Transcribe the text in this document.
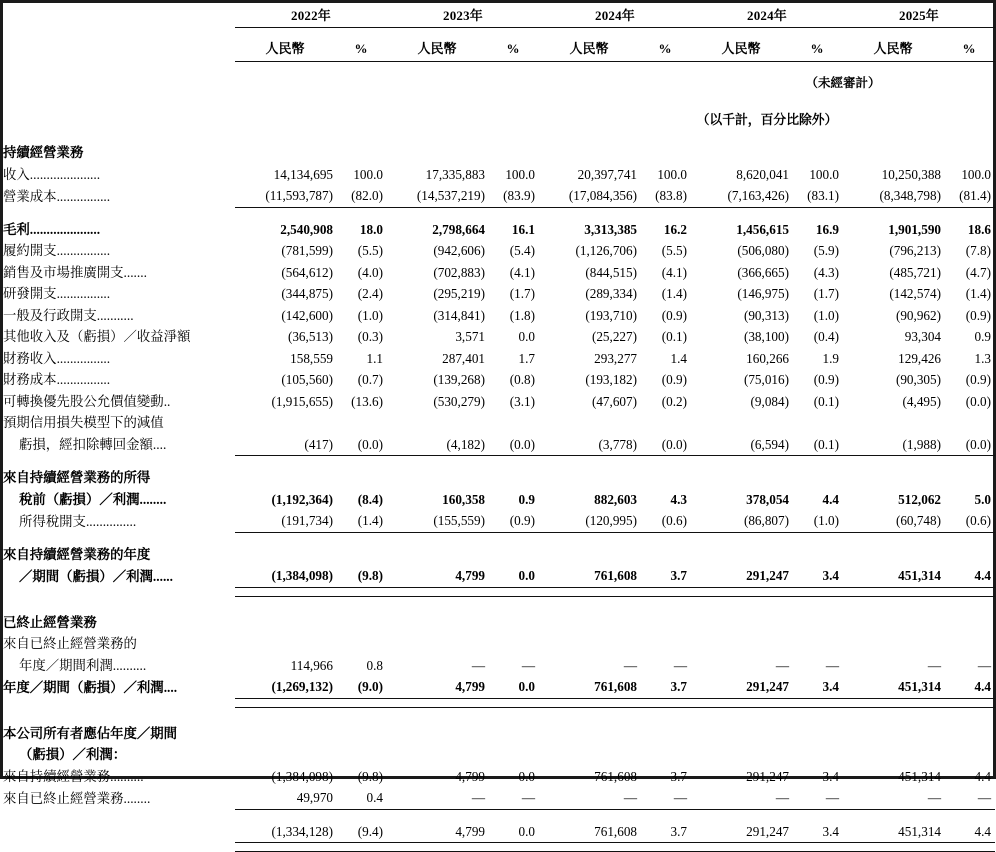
	2022年		2023年		2024年		2024年		2025年	

	人民幣	%	人民幣	%	人民幣	%	人民幣	%	人民幣	%

							（未經審計）			
					（以千計，百分比除外）					
持續經營業務										
收入.....................	14,134,695	100.0	17,335,883	100.0	20,397,741	100.0	8,620,041	100.0	10,250,388	100.0
營業成本................	(11,593,787)	(82.0)	(14,537,219)	(83.9)	(17,084,356)	(83.8)	(7,163,426)	(83.1)	(8,348,798)	(81.4)

毛利.....................	2,540,908	18.0	2,798,664	16.1	3,313,385	16.2	1,456,615	16.9	1,901,590	18.6
履約開支................	(781,599)	(5.5)	(942,606)	(5.4)	(1,126,706)	(5.5)	(506,080)	(5.9)	(796,213)	(7.8)
銷售及市場推廣開支.......	(564,612)	(4.0)	(702,883)	(4.1)	(844,515)	(4.1)	(366,665)	(4.3)	(485,721)	(4.7)
研發開支................	(344,875)	(2.4)	(295,219)	(1.7)	(289,334)	(1.4)	(146,975)	(1.7)	(142,574)	(1.4)
一般及行政開支...........	(142,600)	(1.0)	(314,841)	(1.8)	(193,710)	(0.9)	(90,313)	(1.0)	(90,962)	(0.9)
其他收入及（虧損）／收益淨額	(36,513)	(0.3)	3,571	0.0	(25,227)	(0.1)	(38,100)	(0.4)	93,304	0.9
財務收入................	158,559	1.1	287,401	1.7	293,277	1.4	160,266	1.9	129,426	1.3
財務成本................	(105,560)	(0.7)	(139,268)	(0.8)	(193,182)	(0.9)	(75,016)	(0.9)	(90,305)	(0.9)
可轉換優先股公允價值變動..	(1,915,655)	(13.6)	(530,279)	(3.1)	(47,607)	(0.2)	(9,084)	(0.1)	(4,495)	(0.0)
預期信用損失模型下的減值										
虧損，經扣除轉回金額....	(417)	(0.0)	(4,182)	(0.0)	(3,778)	(0.0)	(6,594)	(0.1)	(1,988)	(0.0)

來自持續經營業務的所得										
稅前（虧損）／利潤........	(1,192,364)	(8.4)	160,358	0.9	882,603	4.3	378,054	4.4	512,062	5.0
所得稅開支...............	(191,734)	(1.4)	(155,559)	(0.9)	(120,995)	(0.6)	(86,807)	(1.0)	(60,748)	(0.6)

來自持續經營業務的年度										
／期間（虧損）／利潤......	(1,384,098)	(9.8)	4,799	0.0	761,608	3.7	291,247	3.4	451,314	4.4

已終止經營業務										
來自已終止經營業務的										
年度／期間利潤..........	114,966	0.8	—	—	—	—	—	—	—	—
年度／期間（虧損）／利潤....	(1,269,132)	(9.0)	4,799	0.0	761,608	3.7	291,247	3.4	451,314	4.4

本公司所有者應佔年度／期間										
（虧損）／利潤：										
來自持續經營業務..........	(1,384,098)	(9.8)	4,799	0.0	761,608	3.7	291,247	3.4	451,314	4.4
來自已終止經營業務........	49,970	0.4	—	—	—	—	—	—	—	—

	(1,334,128)	(9.4)	4,799	0.0	761,608	3.7	291,247	3.4	451,314	4.4
